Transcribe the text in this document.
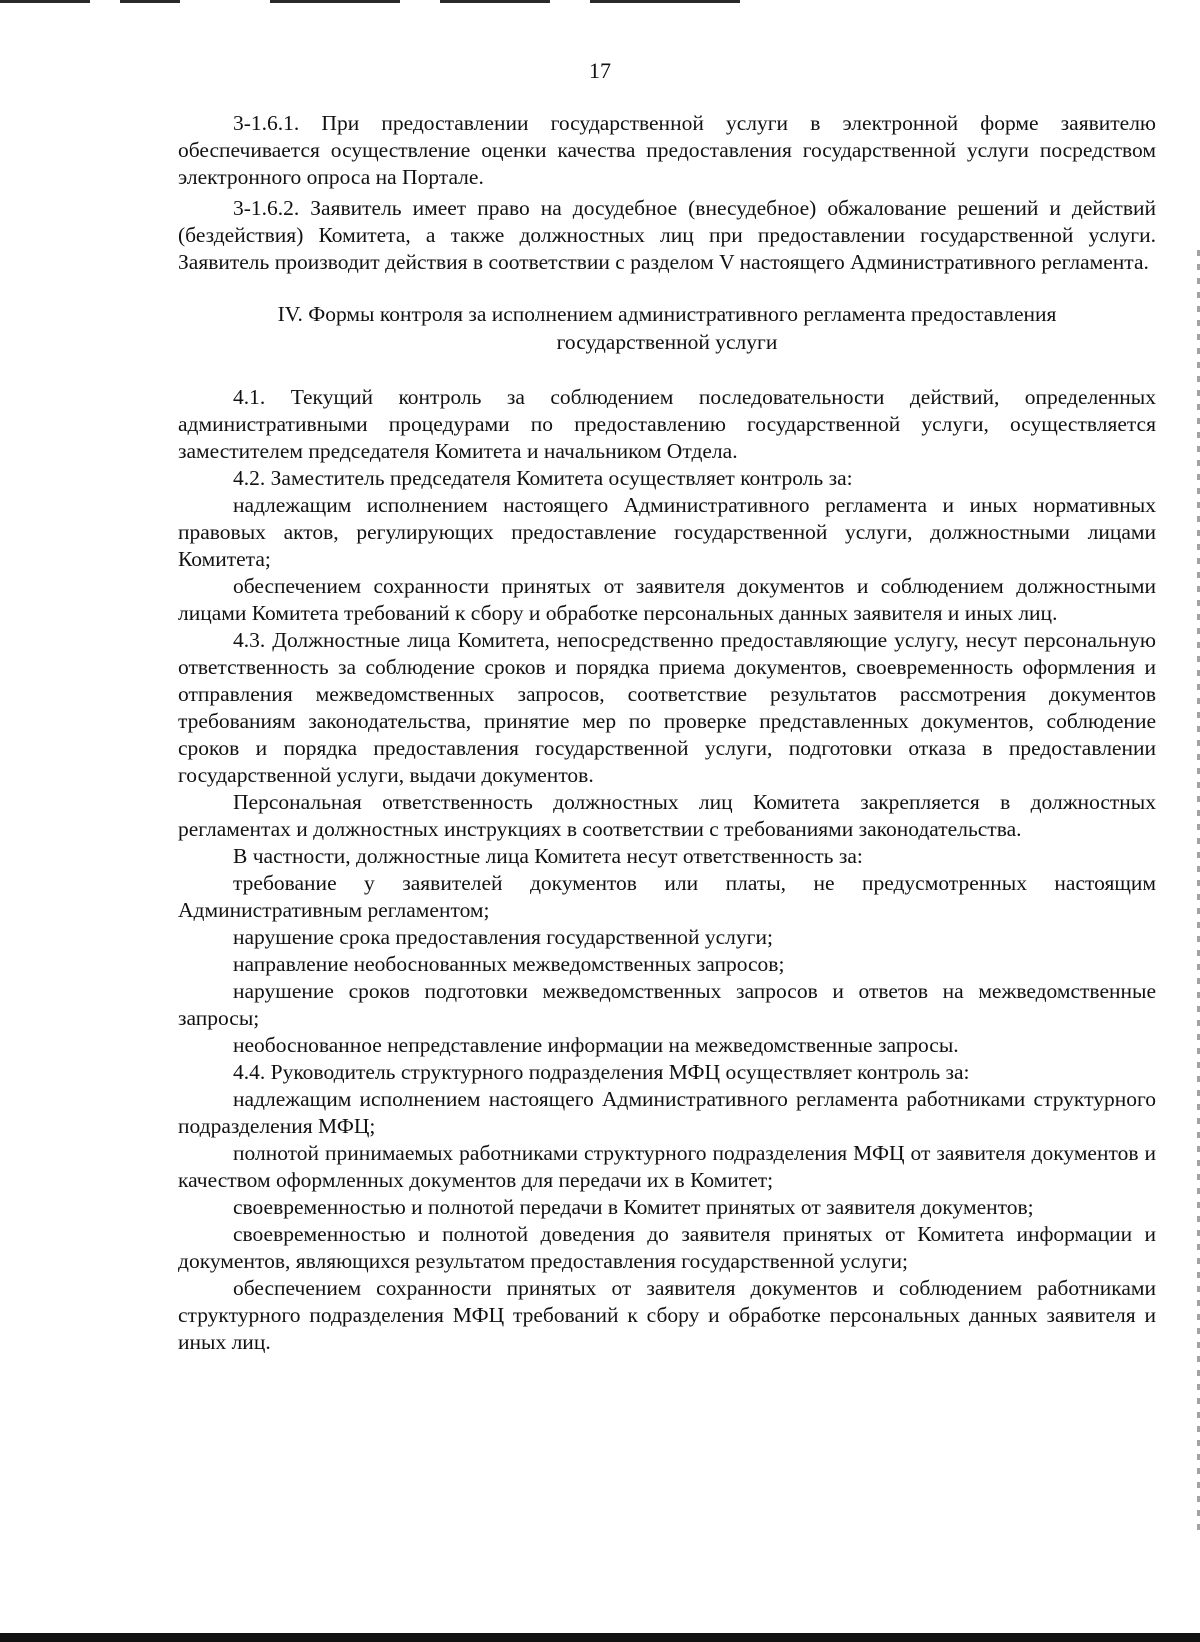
17

3-1.6.1. При предоставлении государственной услуги в электронной форме заявителю обеспечивается осуществление оценки качества предоставления государственной услуги посредством электронного опроса на Портале.

3-1.6.2. Заявитель имеет право на досудебное (внесудебное) обжалование решений и действий (бездействия) Комитета, а также должностных лиц при предоставлении государственной услуги. Заявитель производит действия в соответствии с разделом V настоящего Административного регламента.

IV. Формы контроля за исполнением административного регламента предоставления
государственной услуги

4.1. Текущий контроль за соблюдением последовательности действий, определенных административными процедурами по предоставлению государственной услуги, осуществляется заместителем председателя Комитета и начальником Отдела.

4.2. Заместитель председателя Комитета осуществляет контроль за:

надлежащим исполнением настоящего Административного регламента и иных нормативных правовых актов, регулирующих предоставление государственной услуги, должностными лицами Комитета;

обеспечением сохранности принятых от заявителя документов и соблюдением должностными лицами Комитета требований к сбору и обработке персональных данных заявителя и иных лиц.

4.3. Должностные лица Комитета, непосредственно предоставляющие услугу, несут персональную ответственность за соблюдение сроков и порядка приема документов, своевременность оформления и отправления межведомственных запросов, соответствие результатов рассмотрения документов требованиям законодательства, принятие мер по проверке представленных документов, соблюдение сроков и порядка предоставления государственной услуги, подготовки отказа в предоставлении государственной услуги, выдачи документов.

Персональная ответственность должностных лиц Комитета закрепляется в должностных регламентах и должностных инструкциях в соответствии с требованиями законодательства.

В частности, должностные лица Комитета несут ответственность за:

требование у заявителей документов или платы, не предусмотренных настоящим Административным регламентом;

нарушение срока предоставления государственной услуги;

направление необоснованных межведомственных запросов;

нарушение сроков подготовки межведомственных запросов и ответов на межведомственные запросы;

необоснованное непредставление информации на межведомственные запросы.

4.4. Руководитель структурного подразделения МФЦ осуществляет контроль за:

надлежащим исполнением настоящего Административного регламента работниками структурного подразделения МФЦ;

полнотой принимаемых работниками структурного подразделения МФЦ от заявителя документов и качеством оформленных документов для передачи их в Комитет;

своевременностью и полнотой передачи в Комитет принятых от заявителя документов;

своевременностью и полнотой доведения до заявителя принятых от Комитета информации и документов, являющихся результатом предоставления государственной услуги;

обеспечением сохранности принятых от заявителя документов и соблюдением работниками структурного подразделения МФЦ требований к сбору и обработке персональных данных заявителя и иных лиц.
